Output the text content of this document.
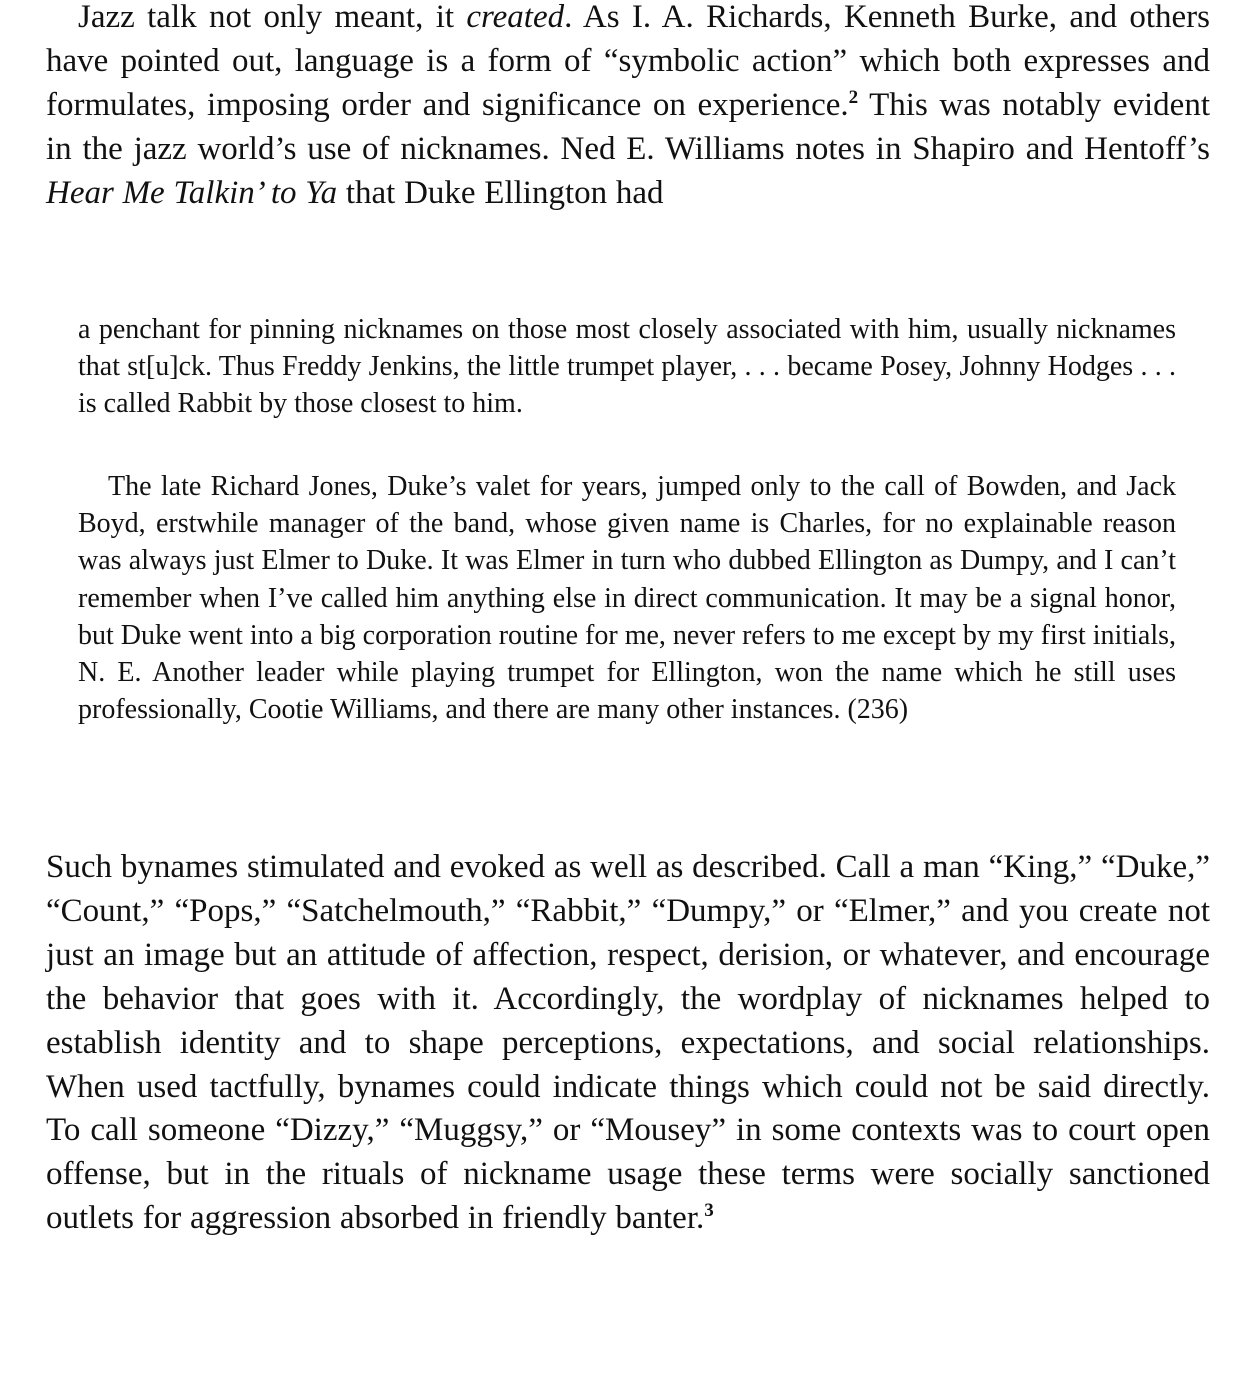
Jazz talk not only meant, it created. As I. A. Richards, Kenneth Burke, and others have pointed out, language is a form of “symbolic action” which both expresses and formulates, imposing order and significance on experience.$^2$ This was notably evident in the jazz world’s use of nicknames. Ned E. Williams notes in Shapiro and Hentoff’s Hear Me Talkin’ to Ya that Duke Ellington had

a penchant for pinning nicknames on those most closely associated with him, usually nicknames that st[u]ck. Thus Freddy Jenkins, the little trumpet player, . . . became Posey, Johnny Hodges . . . is called Rabbit by those closest to him.

The late Richard Jones, Duke’s valet for years, jumped only to the call of Bowden, and Jack Boyd, erstwhile manager of the band, whose given name is Charles, for no explainable reason was always just Elmer to Duke. It was Elmer in turn who dubbed Ellington as Dumpy, and I can’t remember when I’ve called him anything else in direct communication. It may be a signal honor, but Duke went into a big corporation routine for me, never refers to me except by my first initials, N. E. Another leader while playing trumpet for Ellington, won the name which he still uses professionally, Cootie Williams, and there are many other instances. (236)

Such bynames stimulated and evoked as well as described. Call a man “King,” “Duke,” “Count,” “Pops,” “Satchelmouth,” “Rabbit,” “Dumpy,” or “Elmer,” and you create not just an image but an attitude of affection, respect, derision, or whatever, and encourage the behavior that goes with it. Accordingly, the wordplay of nicknames helped to establish identity and to shape perceptions, expectations, and social relationships. When used tactfully, bynames could indicate things which could not be said directly. To call someone “Dizzy,” “Muggsy,” or “Mousey” in some contexts was to court open offense, but in the rituals of nickname usage these terms were socially sanctioned outlets for aggression absorbed in friendly banter.$^3$
